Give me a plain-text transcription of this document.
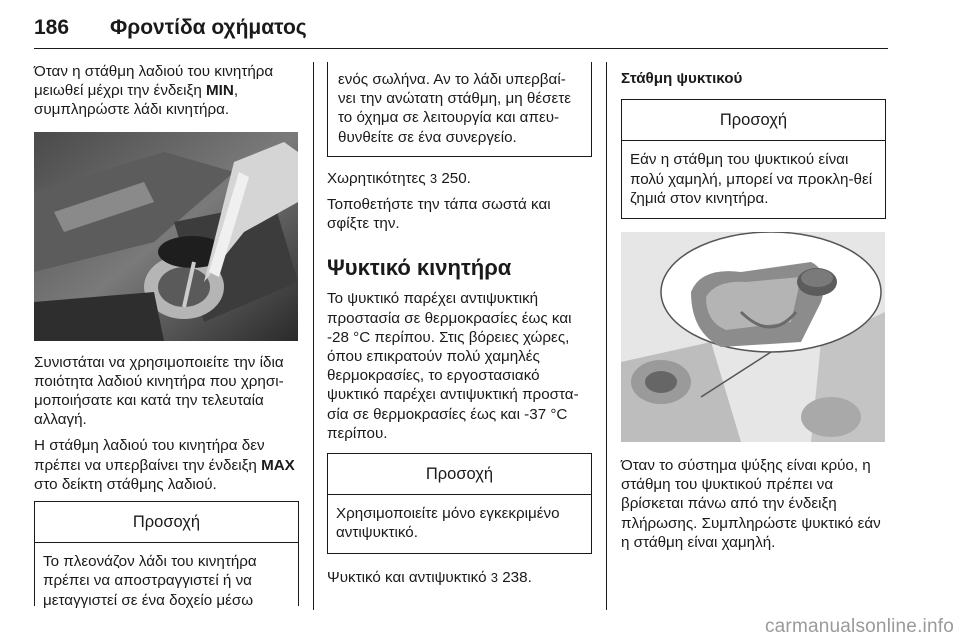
186 Φροντίδα οχήματος

Όταν η στάθμη λαδιού του κινητήρα μειωθεί μέχρι την ένδειξη MIN, συμπληρώστε λάδι κινητήρα.

Συνιστάται να χρησιμοποιείτε την ίδια ποιότητα λαδιού κινητήρα που χρησι‐μοποιήσατε και κατά την τελευταία αλλαγή.

Η στάθμη λαδιού του κινητήρα δεν πρέπει να υπερβαίνει την ένδειξη MAX στο δείκτη στάθμης λαδιού.

Προσοχή
Το πλεονάζον λάδι του κινητήρα πρέπει να αποστραγγιστεί ή να μεταγγιστεί σε ένα δοχείο μέσω
ενός σωλήνα. Αν το λάδι υπερβαί‐νει την ανώτατη στάθμη, μη θέσετε το όχημα σε λειτουργία και απευ‐θυνθείτε σε ένα συνεργείο.

Χωρητικότητες 3 250.

Τοποθετήστε την τάπα σωστά και σφίξτε την.

Ψυκτικό κινητήρα

Το ψυκτικό παρέχει αντιψυκτική προστασία σε θερμοκρασίες έως και -28 °C περίπου. Στις βόρειες χώρες, όπου επικρατούν πολύ χαμηλές θερμοκρασίες, το εργοστασιακό ψυκτικό παρέχει αντιψυκτική προστα‐σία σε θερμοκρασίες έως και -37 °C περίπου.

Προσοχή
Χρησιμοποιείτε μόνο εγκεκριμένο αντιψυκτικό.

Ψυκτικό και αντιψυκτικό 3 238.

Στάθμη ψυκτικού
Προσοχή
Εάν η στάθμη του ψυκτικού είναι πολύ χαμηλή, μπορεί να προκλη‐θεί ζημιά στον κινητήρα.

Όταν το σύστημα ψύξης είναι κρύο, η στάθμη του ψυκτικού πρέπει να βρίσκεται πάνω από την ένδειξη πλήρωσης. Συμπληρώστε ψυκτικό εάν η στάθμη είναι χαμηλή.

carmanualsonline.info
